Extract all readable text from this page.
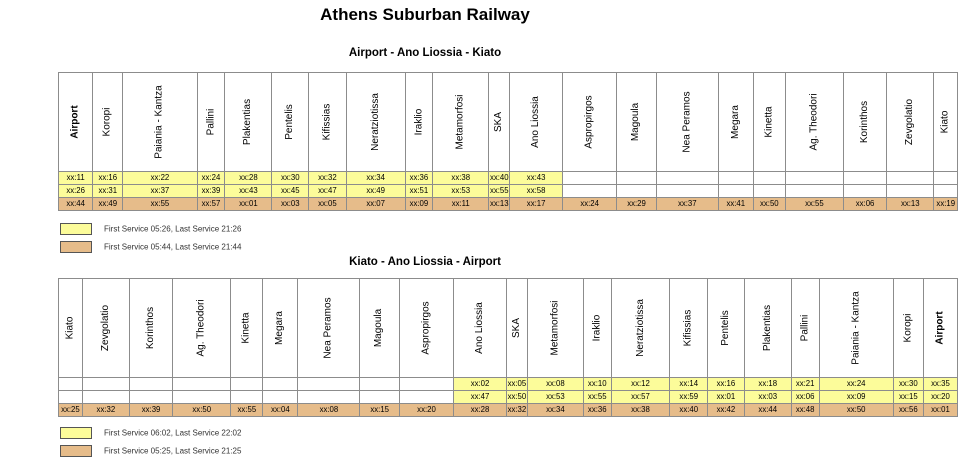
Athens Suburban Railway
Airport - Ano Liossia - Kiato
Airport	Koropi	Paiania - Kantza	Pallini	Plakentias	Pentelis	Kifissias	Neratziotissa	Iraklio	Metamorfosi	SKA	Ano Liossia	Aspropirgos	Magoula	Nea Peramos	Megara	Kinetta	Ag. Theodori	Korinthos	Zevgolatio	Kiato
xx:11	xx:16	xx:22	xx:24	xx:28	xx:30	xx:32	xx:34	xx:36	xx:38	xx:40	xx:43									
xx:26	xx:31	xx:37	xx:39	xx:43	xx:45	xx:47	xx:49	xx:51	xx:53	xx:55	xx:58									
xx:44	xx:49	xx:55	xx:57	xx:01	xx:03	xx:05	xx:07	xx:09	xx:11	xx:13	xx:17	xx:24	xx:29	xx:37	xx:41	xx:50	xx:55	xx:06	xx:13	xx:19
First Service 05:26, Last Service 21:26
First Service 05:44, Last Service 21:44
Kiato - Ano Liossia - Airport
Kiato	Zevgolatio	Korinthos	Ag. Theodori	Kinetta	Megara	Nea Peramos	Magoula	Aspropirgos	Ano Liossia	SKA	Metamorfosi	Iraklio	Neratziotissa	Kifissias	Pentelis	Plakentias	Pallini	Paiania - Kantza	Koropi	Airport
									xx:02	xx:05	xx:08	xx:10	xx:12	xx:14	xx:16	xx:18	xx:21	xx:24	xx:30	xx:35
									xx:47	xx:50	xx:53	xx:55	xx:57	xx:59	xx:01	xx:03	xx:06	xx:09	xx:15	xx:20
xx:25	xx:32	xx:39	xx:50	xx:55	xx:04	xx:08	xx:15	xx:20	xx:28	xx:32	xx:34	xx:36	xx:38	xx:40	xx:42	xx:44	xx:48	xx:50	xx:56	xx:01
First Service 06:02, Last Service 22:02
First Service 05:25, Last Service 21:25
